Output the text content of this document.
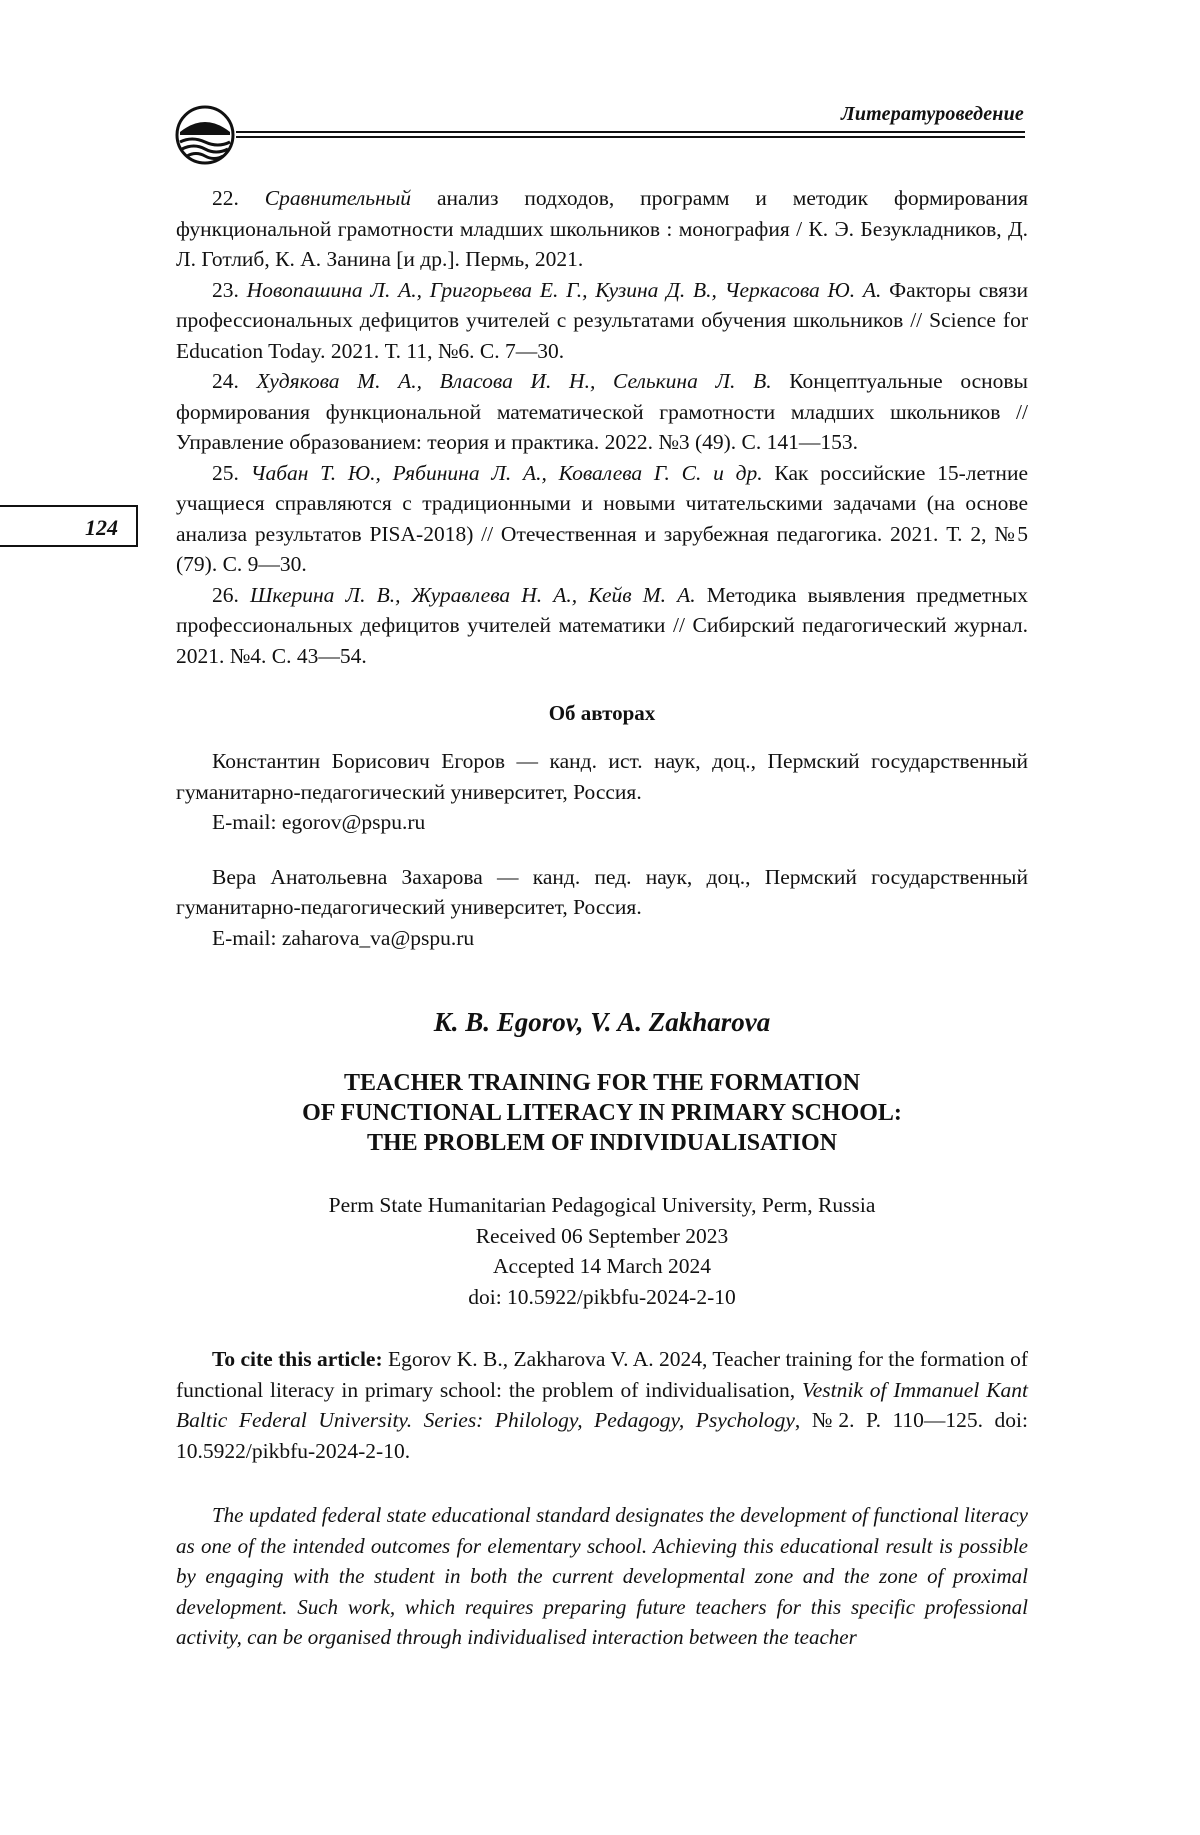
Литературоведение
124

22. Сравнительный анализ подходов, программ и методик формирования функциональной грамотности младших школьников : монография / К. Э. Безукладников, Д. Л. Готлиб, К. А. Занина [и др.]. Пермь, 2021.

23. Новопашина Л. А., Григорьева Е. Г., Кузина Д. В., Черкасова Ю. А. Факторы связи профессиональных дефицитов учителей с результатами обучения школьников // Science for Education Today. 2021. Т. 11, №6. С. 7—30.

24. Худякова М. А., Власова И. Н., Селькина Л. В. Концептуальные основы формирования функциональной математической грамотности младших школьников // Управление образованием: теория и практика. 2022. №3 (49). С. 141—153.

25. Чабан Т. Ю., Рябинина Л. А., Ковалева Г. С. и др. Как российские 15-летние учащиеся справляются с традиционными и новыми читательскими задачами (на основе анализа результатов PISA-2018) // Отечественная и зарубежная педагогика. 2021. Т. 2, №5 (79). С. 9—30.

26. Шкерина Л. В., Журавлева Н. А., Кейв М. А. Методика выявления предметных профессиональных дефицитов учителей математики // Сибирский педагогический журнал. 2021. №4. С. 43—54.

Об авторах

Константин Борисович Егоров — канд. ист. наук, доц., Пермский государственный гуманитарно-педагогический университет, Россия.

E-mail: egorov@pspu.ru

Вера Анатольевна Захарова — канд. пед. наук, доц., Пермский государственный гуманитарно-педагогический университет, Россия.

E-mail: zaharova_va@pspu.ru

K. B. Egorov, V. A. Zakharova
TEACHER TRAINING FOR THE FORMATION
OF FUNCTIONAL LITERACY IN PRIMARY SCHOOL:
THE PROBLEM OF INDIVIDUALISATION
Perm State Humanitarian Pedagogical University, Perm, Russia
Received 06 September 2023
Accepted 14 March 2024
doi: 10.5922/pikbfu-2024-2-10

To cite this article: Egorov K. B., Zakharova V. A. 2024, Teacher training for the formation of functional literacy in primary school: the problem of individualisation, Vestnik of Immanuel Kant Baltic Federal University. Series: Philology, Pedagogy, Psychology, №2. P. 110—125. doi: 10.5922/pikbfu-2024-2-10.

The updated federal state educational standard designates the development of functional literacy as one of the intended outcomes for elementary school. Achieving this educational result is possible by engaging with the student in both the current developmental zone and the zone of proximal development. Such work, which requires preparing future teachers for this specific professional activity, can be organised through individualised interaction between the teacher
